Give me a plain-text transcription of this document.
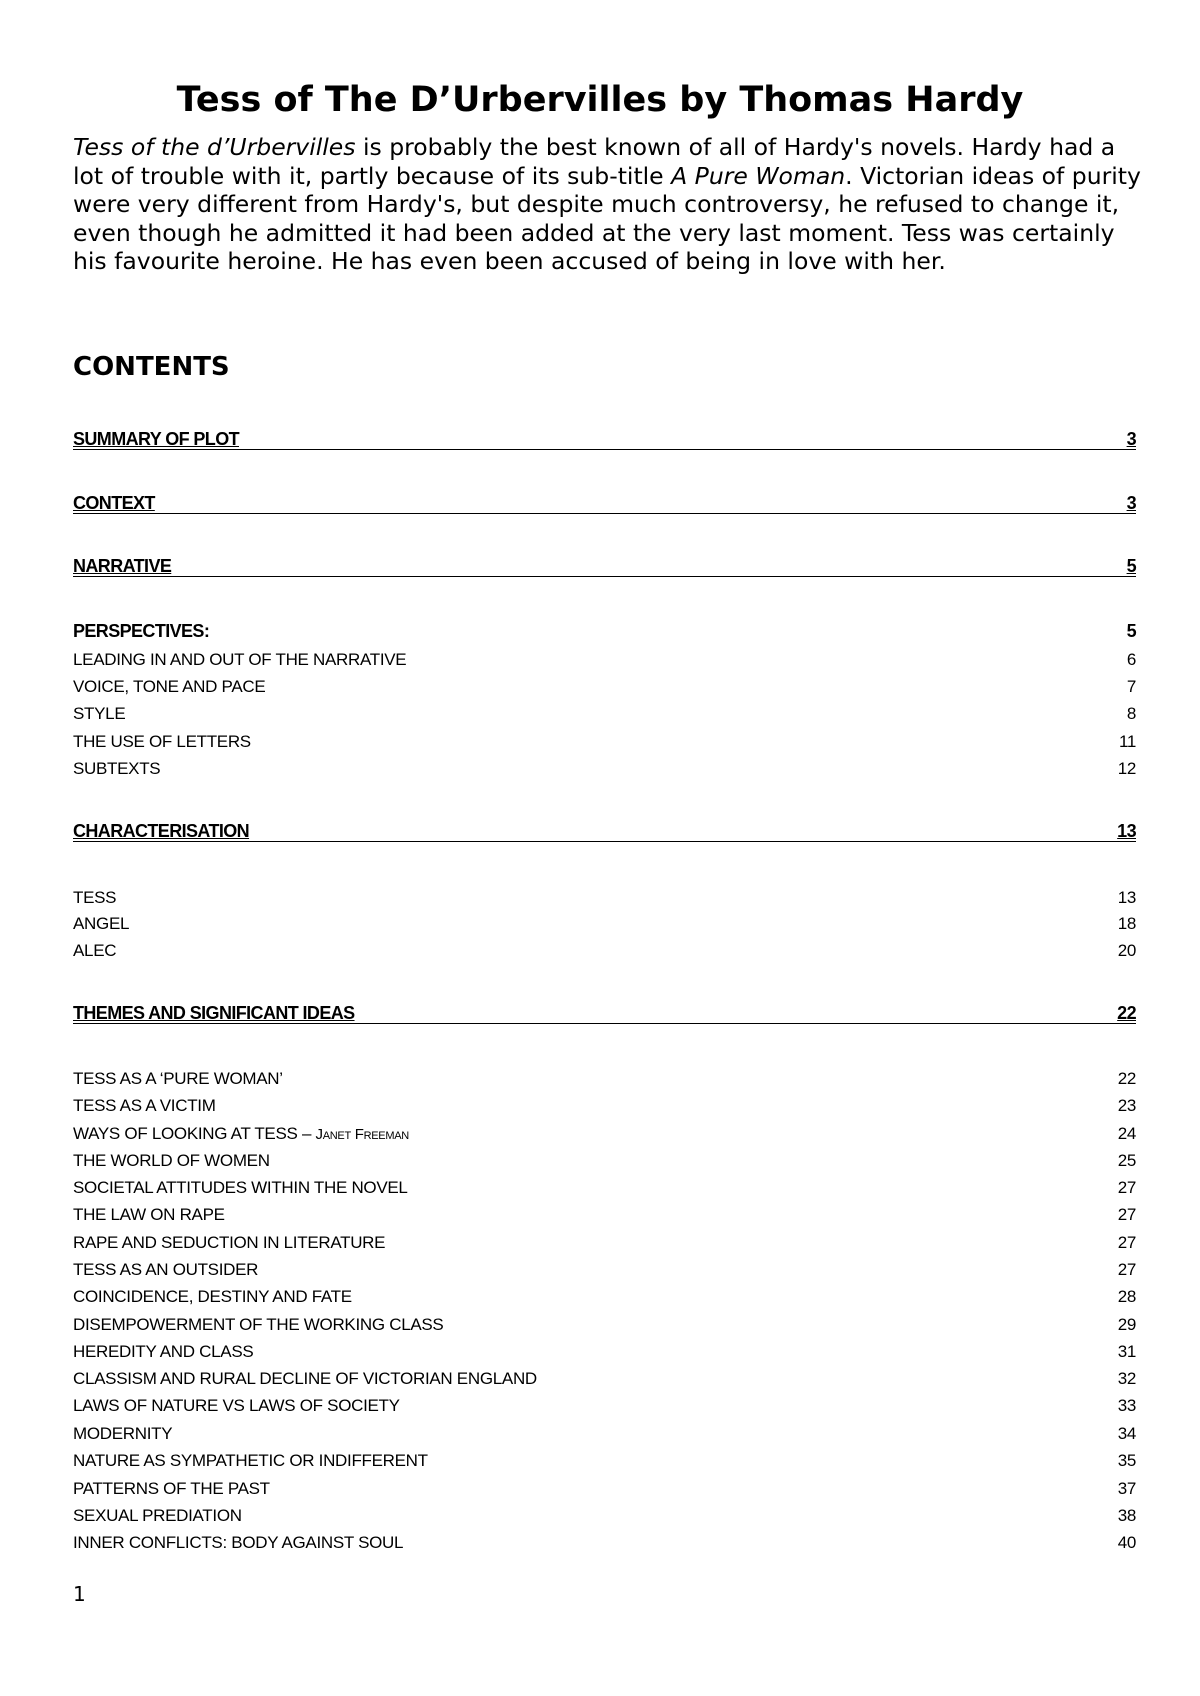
Tess of The D’Urbervilles by Thomas Hardy
Tess of the d’Urbervilles is probably the best known of all of Hardy's novels. Hardy had a lot of trouble with it, partly because of its sub-title A Pure Woman. Victorian ideas of purity were very different from Hardy's, but despite much controversy, he refused to change it, even though he admitted it had been added at the very last moment. Tess was certainly his favourite heroine. He has even been accused of being in love with her.
CONTENTS
SUMMARY OF PLOT	3
CONTEXT	3
NARRATIVE	5
PERSPECTIVES:	5
LEADING IN AND OUT OF THE NARRATIVE	6
VOICE, TONE AND PACE	7
STYLE	8
THE USE OF LETTERS	11
SUBTEXTS	12
CHARACTERISATION	13
TESS	13
ANGEL	18
ALEC	20
THEMES AND SIGNIFICANT IDEAS	22
TESS AS A ‘PURE WOMAN’	22
TESS AS A VICTIM	23
WAYS OF LOOKING AT TESS – Janet Freeman	24
THE WORLD OF WOMEN	25
SOCIETAL ATTITUDES WITHIN THE NOVEL	27
THE LAW ON RAPE	27
RAPE AND SEDUCTION IN LITERATURE	27
TESS AS AN OUTSIDER	27
COINCIDENCE, DESTINY AND FATE	28
DISEMPOWERMENT OF THE WORKING CLASS	29
HEREDITY AND CLASS	31
CLASSISM AND RURAL DECLINE OF VICTORIAN ENGLAND	32
LAWS OF NATURE VS LAWS OF SOCIETY	33
MODERNITY	34
NATURE AS SYMPATHETIC OR INDIFFERENT	35
PATTERNS OF THE PAST	37
SEXUAL PREDIATION	38
INNER CONFLICTS: BODY AGAINST SOUL	40
1
